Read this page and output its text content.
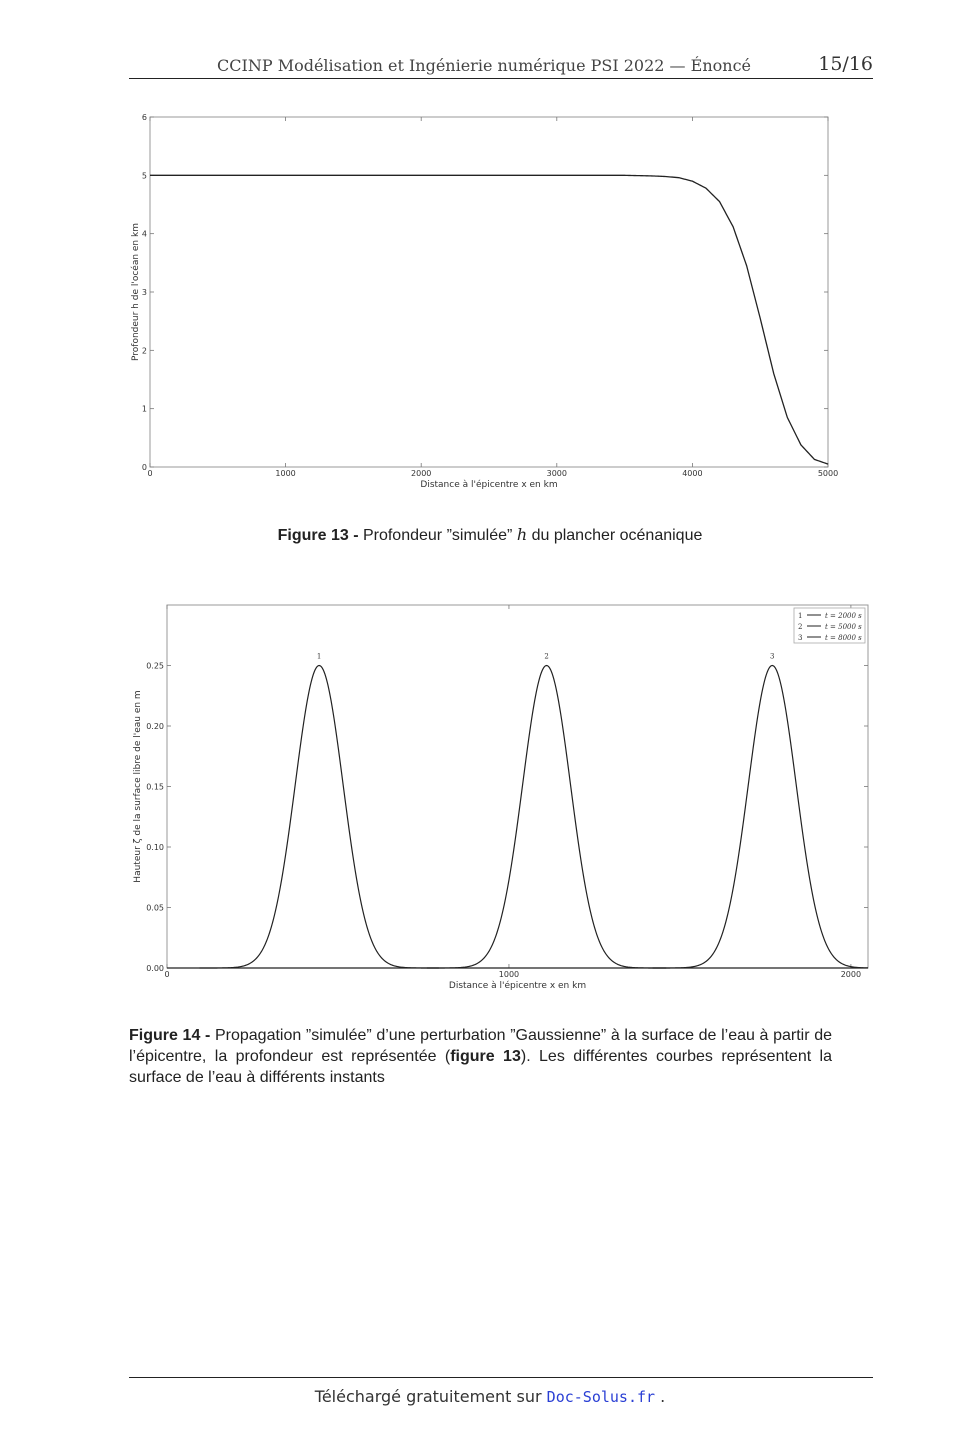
CCINP Modélisation et Ingénierie numérique PSI 2022 — Énoncé	15/16
0	1000	2000	3000	4000	5000
0
1
2
3
4
5
6
Distance à l'épicentre x en km
Profondeur h de l'océan en km
Figure 13 - Profondeur ”simulée” h du plancher océnanique
0	1000	2000
0.00
0.05
0.10
0.15
0.20
0.25
Distance à l'épicentre x en km
Hauteur ζ de la surface libre de l'eau en m
1	2	3
1	t = 2000 s
2	t = 5000 s
3	t = 8000 s
Figure 14 - Propagation ”simulée” d’une perturbation ”Gaussienne” à la surface de l’eau à partir de l’épicentre, la profondeur est représentée (figure 13). Les différentes courbes représentent la surface de l’eau à différents instants
Téléchargé gratuitement sur Doc-Solus.fr .
